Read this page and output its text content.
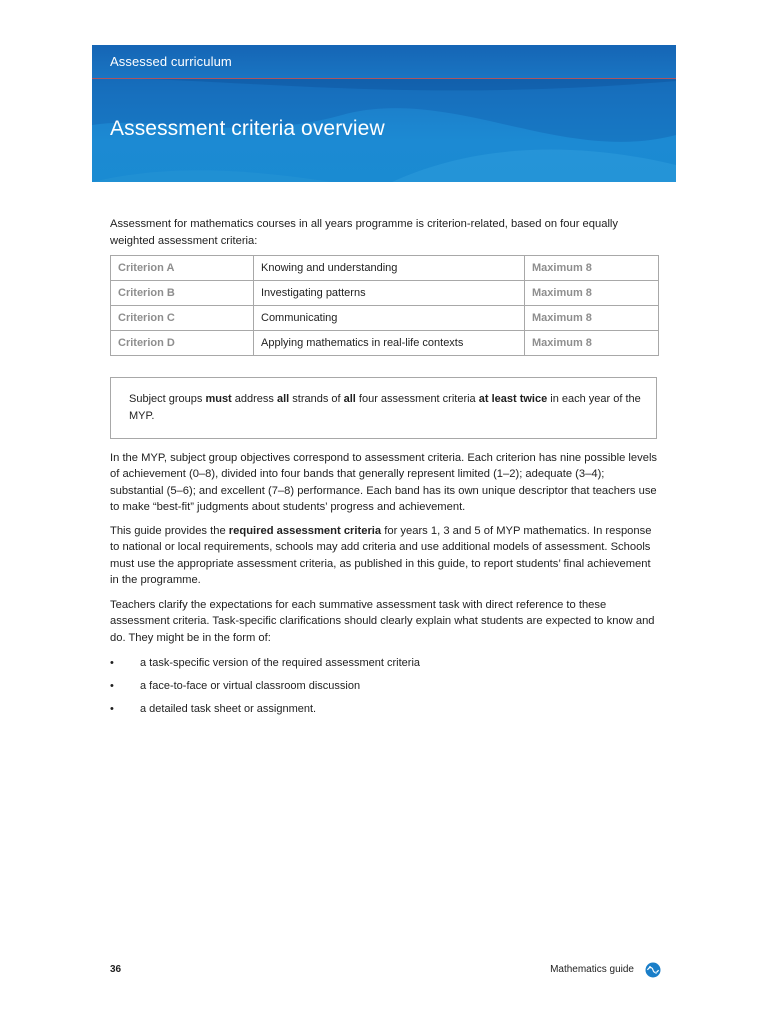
Assessed curriculum
Assessment criteria overview
Assessment for mathematics courses in all years programme is criterion-related, based on four equally weighted assessment criteria:
Criterion A	Knowing and understanding	Maximum 8
Criterion B	Investigating patterns	Maximum 8
Criterion C	Communicating	Maximum 8
Criterion D	Applying mathematics in real-life contexts	Maximum 8
Subject groups must address all strands of all four assessment criteria at least twice in each year of the MYP.
In the MYP, subject group objectives correspond to assessment criteria. Each criterion has nine possible levels of achievement (0–8), divided into four bands that generally represent limited (1–2); adequate (3–4); substantial (5–6); and excellent (7–8) performance. Each band has its own unique descriptor that teachers use to make “best-fit” judgments about students’ progress and achievement.
This guide provides the required assessment criteria for years 1, 3 and 5 of MYP mathematics. In response to national or local requirements, schools may add criteria and use additional models of assessment. Schools must use the appropriate assessment criteria, as published in this guide, to report students’ final achievement in the programme.
Teachers clarify the expectations for each summative assessment task with direct reference to these assessment criteria. Task-specific clarifications should clearly explain what students are expected to know and do. They might be in the form of:
• a task-specific version of the required assessment criteria
• a face-to-face or virtual classroom discussion
• a detailed task sheet or assignment.
36	Mathematics guide
